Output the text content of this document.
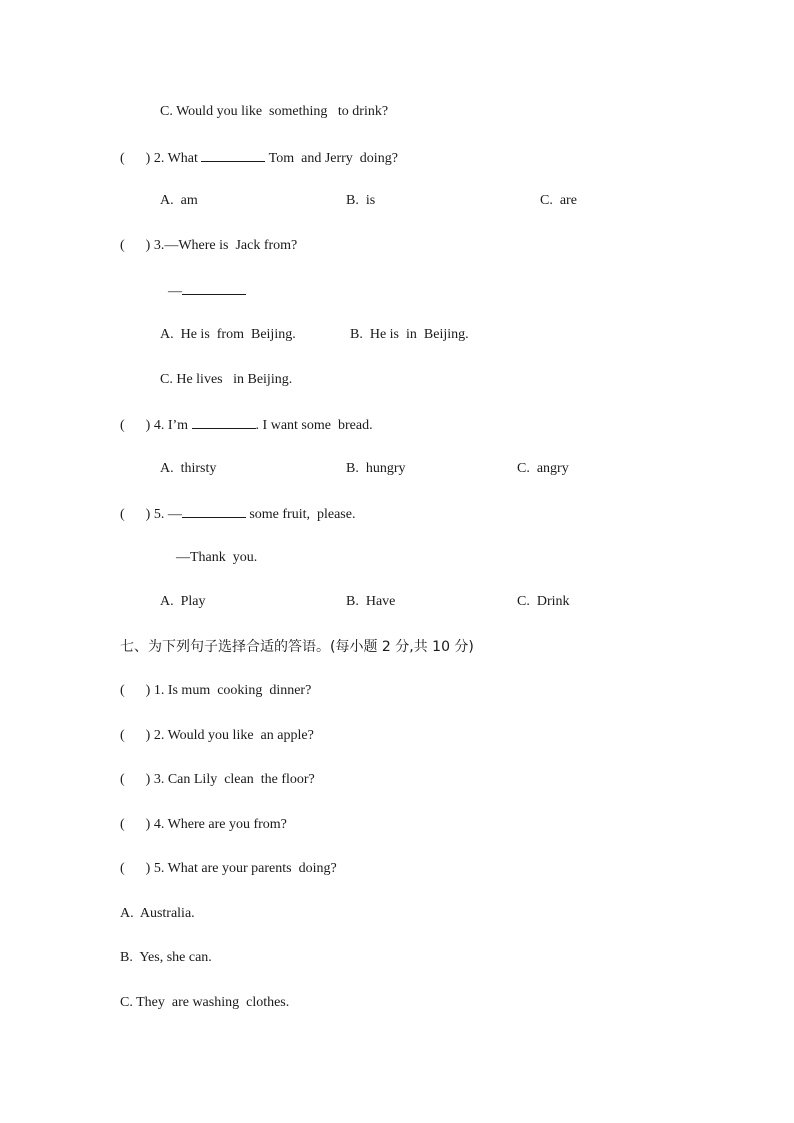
C. Would you like  something   to drink?
(      ) 2. What	Tom  and Jerry  doing?
A.  am	B.  is	C.  are
(      ) 3.—Where is  Jack from?
—
A.  He is  from  Beijing.	B.  He is  in  Beijing.
C. He lives   in Beijing.
(      ) 4. I’m	. I want some  bread.
A.  thirsty	B.  hungry	C.  angry
(      ) 5. —	some fruit,  please.
—Thank  you.
A.  Play	B.  Have	C.  Drink
七、为下列句子选择合适的答语。(每小题 2 分,共 10 分)
(      ) 1. Is mum  cooking  dinner?
(      ) 2. Would you like  an apple?
(      ) 3. Can Lily  clean  the floor?
(      ) 4. Where are you from?
(      ) 5. What are your parents  doing?
A.  Australia.
B.  Yes, she can.
C. They  are washing  clothes.
